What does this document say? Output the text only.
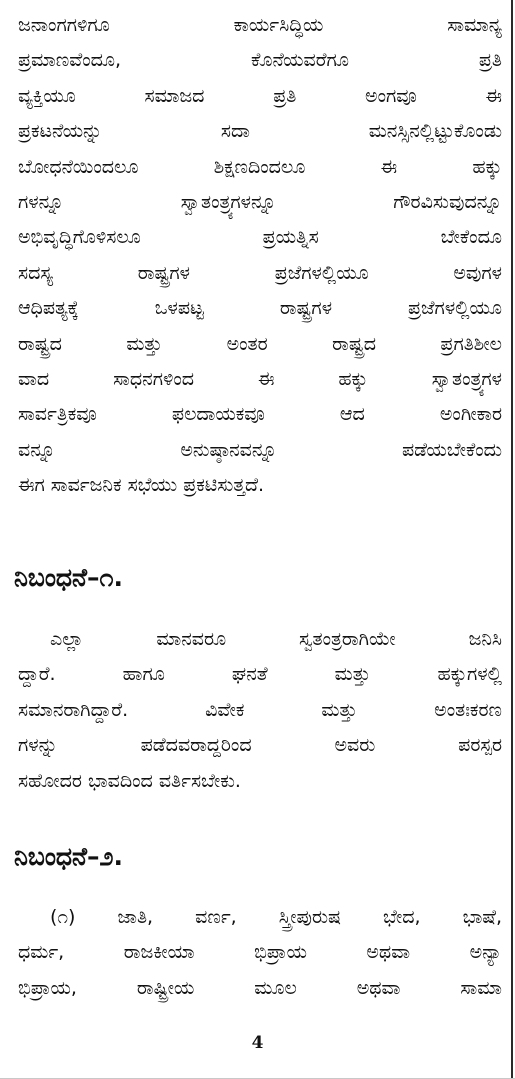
ಜನಾಂಗಗಳಿಗೂ ಕಾರ್ಯಸಿದ್ಧಿಯ ಸಾಮಾನ್ಯ
ಪ್ರಮಾಣವೆಂದೂ, ಕೊನೆಯವರೆಗೂ ಪ್ರತಿ
ವ್ಯಕ್ತಿಯೂ ಸಮಾಜದ ಪ್ರತಿ ಅಂಗವೂ ಈ
ಪ್ರಕಟನೆಯನ್ನು ಸದಾ ಮನಸ್ಸಿನಲ್ಲಿಟ್ಟುಕೊಂಡು
ಬೋಧನೆಯಿಂದಲೂ ಶಿಕ್ಷಣದಿಂದಲೂ ಈ ಹಕ್ಕು
ಗಳನ್ನೂ ಸ್ವಾತಂತ್ರ್ಯಗಳನ್ನೂ ಗೌರವಿಸುವುದನ್ನೂ
ಅಭಿವೃದ್ಧಿಗೊಳಿಸಲೂ ಪ್ರಯತ್ನಿಸ ಬೇಕೆಂದೂ
ಸದಸ್ಯ ರಾಷ್ಟ್ರಗಳ ಪ್ರಜೆಗಳಲ್ಲಿಯೂ ಅವುಗಳ
ಆಧಿಪತ್ಯಕ್ಕೆ ಒಳಪಟ್ಟ ರಾಷ್ಟ್ರಗಳ ಪ್ರಜೆಗಳಲ್ಲಿಯೂ
ರಾಷ್ಟ್ರದ ಮತ್ತು ಅಂತರ ರಾಷ್ಟ್ರದ ಪ್ರಗತಿಶೀಲ
ವಾದ ಸಾಧನಗಳಿಂದ ಈ ಹಕ್ಕು ಸ್ವಾತಂತ್ರ್ಯಗಳ
ಸಾರ್ವತ್ರಿಕವೂ ಫಲದಾಯಕವೂ ಆದ ಅಂಗೀಕಾರ
ವನ್ನೂ ಅನುಷ್ಠಾನವನ್ನೂ ಪಡೆಯಬೇಕೆಂದು
ಈಗ ಸಾರ್ವಜನಿಕ ಸಭೆಯು ಪ್ರಕಟಿಸುತ್ತದೆ.
ನಿಬಂಧನೆ–೧.
ಎಲ್ಲಾ ಮಾನವರೂ ಸ್ವತಂತ್ರರಾಗಿಯೇ ಜನಿಸಿ
ದ್ದಾರೆ. ಹಾಗೂ ಘನತೆ ಮತ್ತು ಹಕ್ಕುಗಳಲ್ಲಿ
ಸಮಾನರಾಗಿದ್ದಾರೆ. ವಿವೇಕ ಮತ್ತು ಅಂತಃಕರಣ
ಗಳನ್ನು ಪಡೆದವರಾದ್ದರಿಂದ ಅವರು ಪರಸ್ಪರ
ಸಹೋದರ ಭಾವದಿಂದ ವರ್ತಿಸಬೇಕು.
ನಿಬಂಧನೆ–೨.
(೧) ಜಾತಿ, ವರ್ಣ, ಸ್ತ್ರೀಪುರುಷ ಭೇದ, ಭಾಷೆ,
ಧರ್ಮ, ರಾಜಕೀಯಾ ಭಿಪ್ರಾಯ ಅಥವಾ ಅನ್ಯಾ
ಭಿಪ್ರಾಯ, ರಾಷ್ಟ್ರೀಯ ಮೂಲ ಅಥವಾ ಸಾಮಾ
4
